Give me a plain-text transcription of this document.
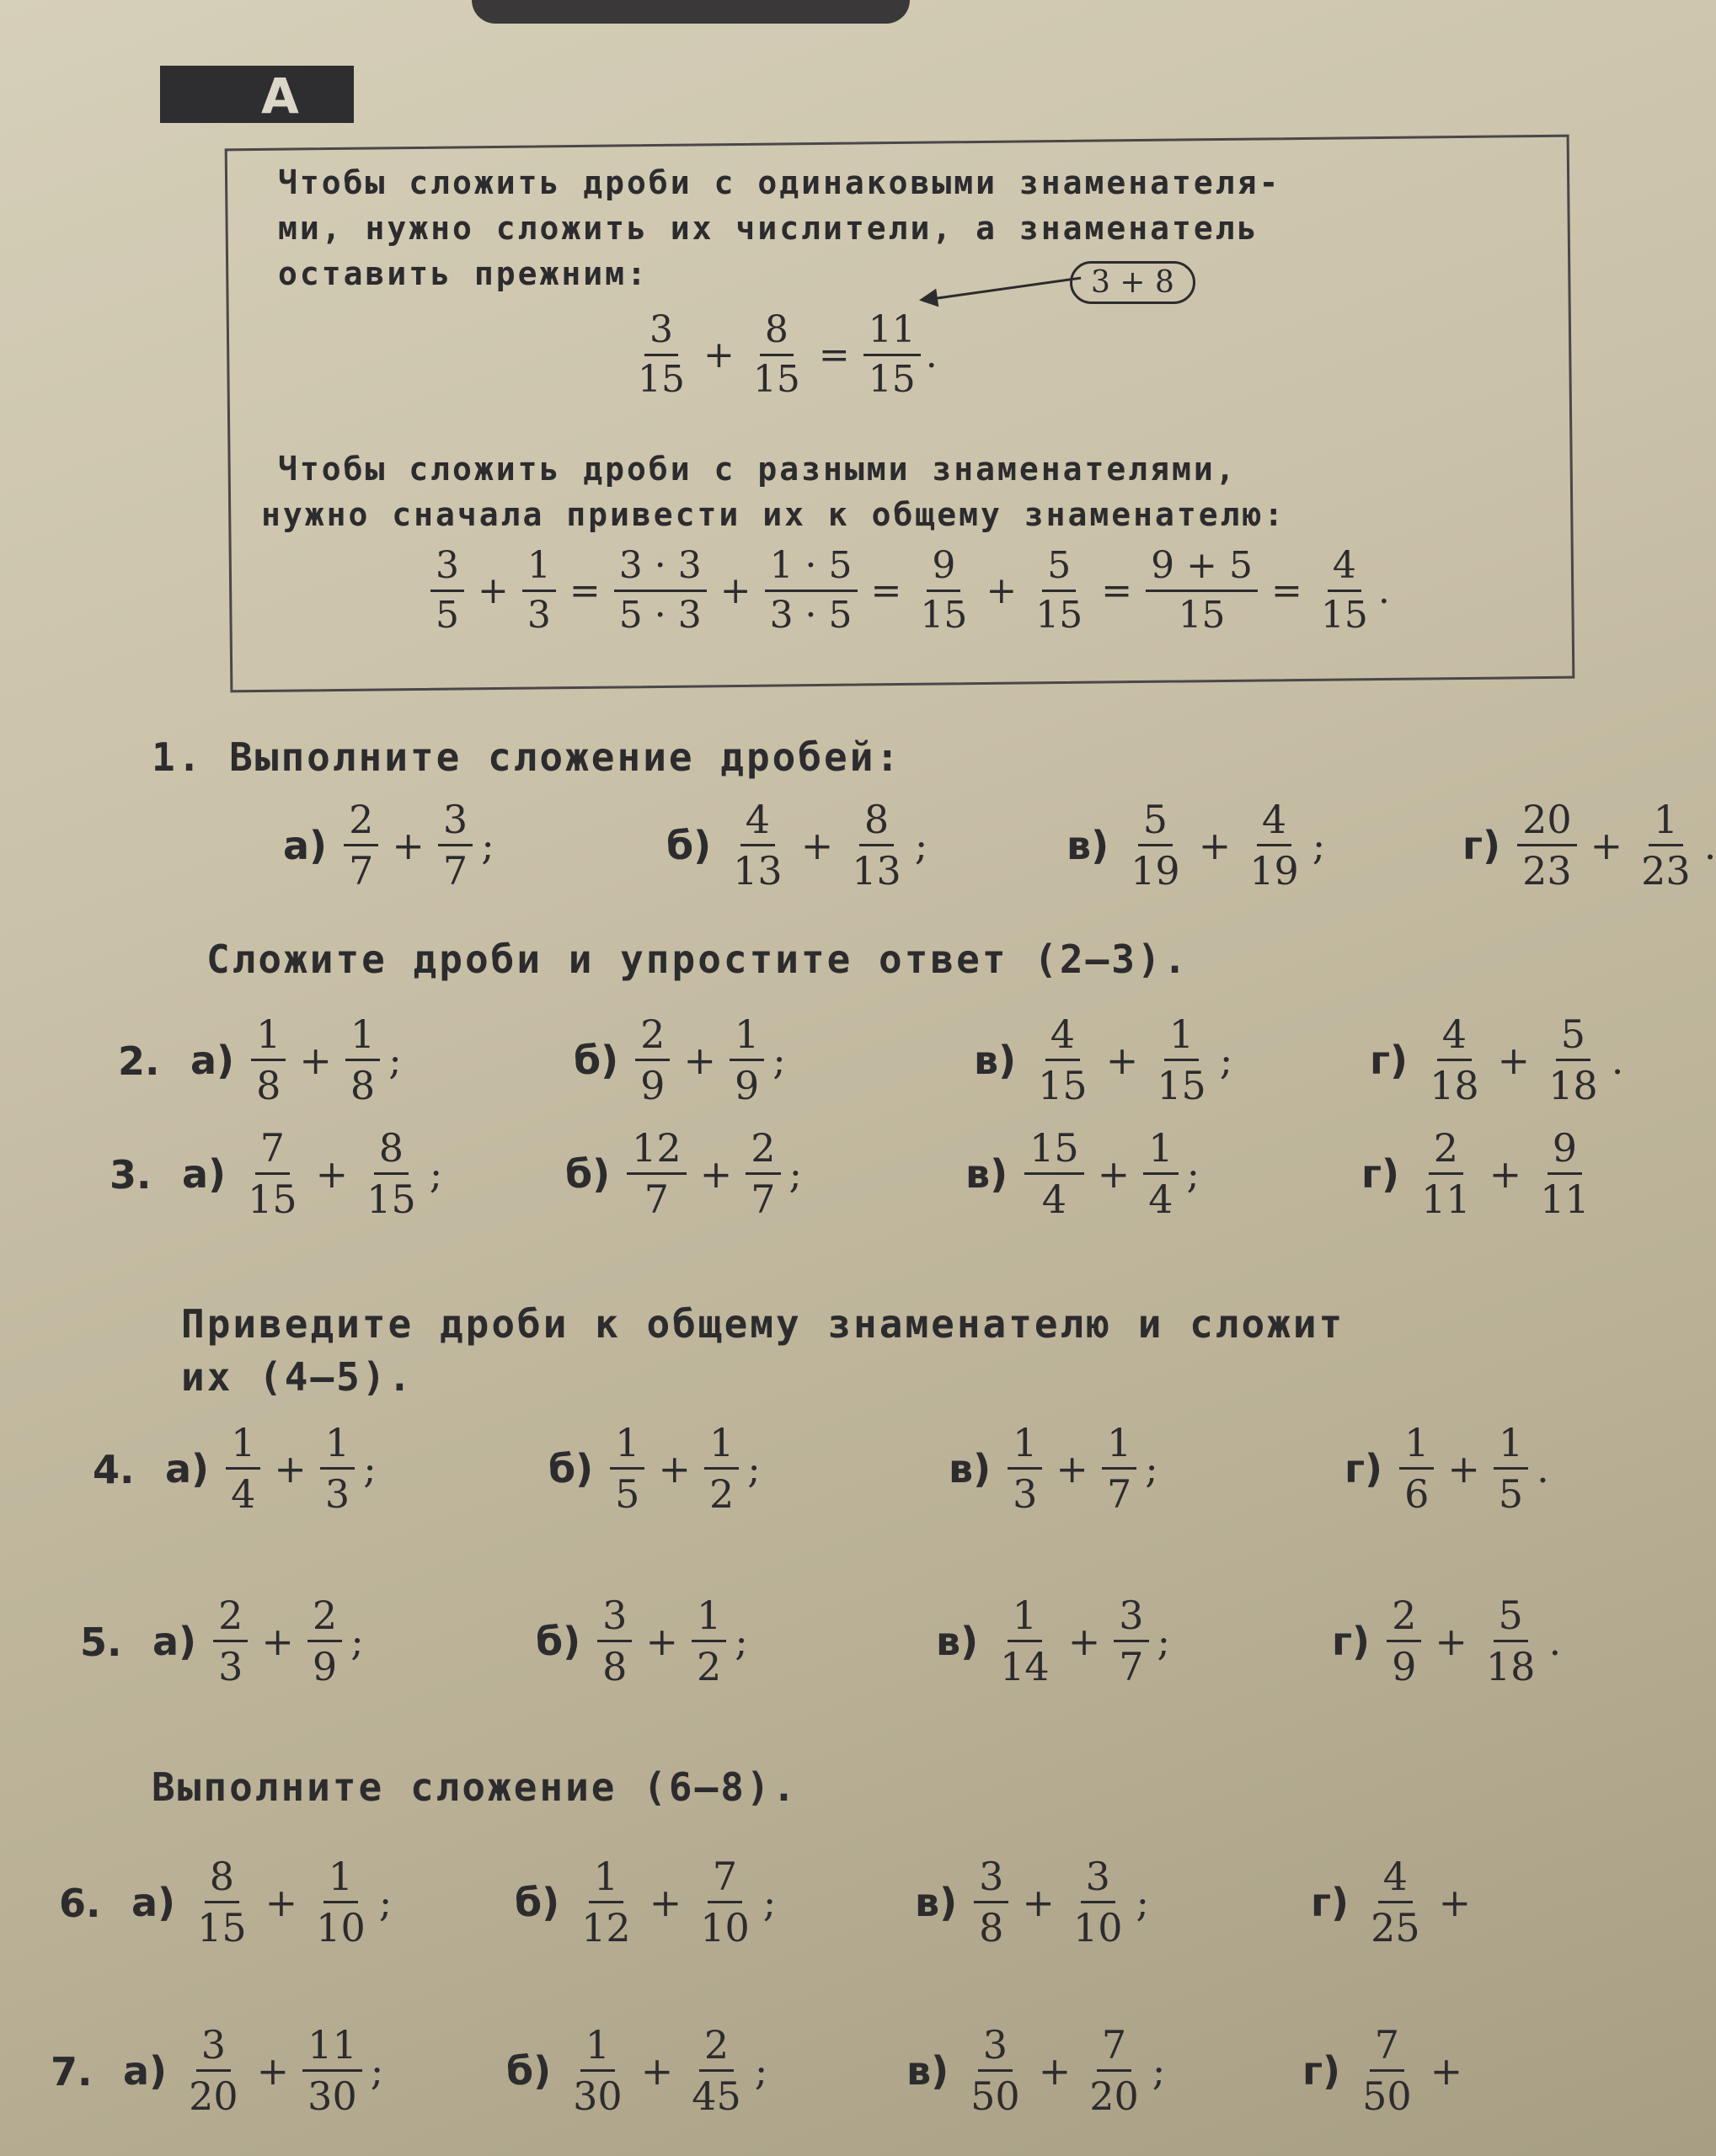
А
Чтобы сложить дроби с одинаковыми знаменателя-
ми, нужно сложить их числители, а знаменатель
оставить прежним:	3 + 8
$\frac{3}{15} + \frac{8}{15} = \frac{11}{15}$ .
Чтобы сложить дроби с разными знаменателями,
нужно сначала привести их к общему знаменателю:
$\frac{3}{5} + \frac{1}{3} = \frac{3 \cdot 3}{5 \cdot 3} + \frac{1 \cdot 5}{3 \cdot 5} = \frac{9}{15} + \frac{5}{15} = \frac{9 + 5}{15} = \frac{4}{15}$ .
1. Выполните сложение дробей:
Сложите дроби и упростите ответ (2—3).
Приведите дроби к общему знаменателю и сложит
их (4—5).
Выполните сложение (6—8).
$а) \frac{2}{7} + \frac{3}{7}$ ;	$б) \frac{4}{13} + \frac{8}{13}$ ;	$в) \frac{5}{19} + \frac{4}{19}$ ;	$г) \frac{20}{23} + \frac{1}{23}$ .
2. $а) \frac{1}{8} + \frac{1}{8}$ ;	$б) \frac{2}{9} + \frac{1}{9}$ ;	$в) \frac{4}{15} + \frac{1}{15}$ ;	$г) \frac{4}{18} + \frac{5}{18}$ .
3. $а) \frac{7}{15} + \frac{8}{15}$ ;	$б) \frac{12}{7} + \frac{2}{7}$ ;	$в) \frac{15}{4} + \frac{1}{4}$ ;	$г) \frac{2}{11} + \frac{9}{11}$
4. $а) \frac{1}{4} + \frac{1}{3}$ ;	$б) \frac{1}{5} + \frac{1}{2}$ ;	$в) \frac{1}{3} + \frac{1}{7}$ ;	$г) \frac{1}{6} + \frac{1}{5}$ .
5. $а) \frac{2}{3} + \frac{2}{9}$ ;	$б) \frac{3}{8} + \frac{1}{2}$ ;	$в) \frac{1}{14} + \frac{3}{7}$ ;	$г) \frac{2}{9} + \frac{5}{18}$ .
6. $а) \frac{8}{15} + \frac{1}{10}$ ;	$б) \frac{1}{12} + \frac{7}{10}$ ;	$в) \frac{3}{8} + \frac{3}{10}$ ;	$г) \frac{4}{25}$ +
7. $а) \frac{3}{20} + \frac{11}{30}$ ;	$б) \frac{1}{30} + \frac{2}{45}$ ;	$в) \frac{3}{50} + \frac{7}{20}$ ;	$г) \frac{7}{50}$ +
